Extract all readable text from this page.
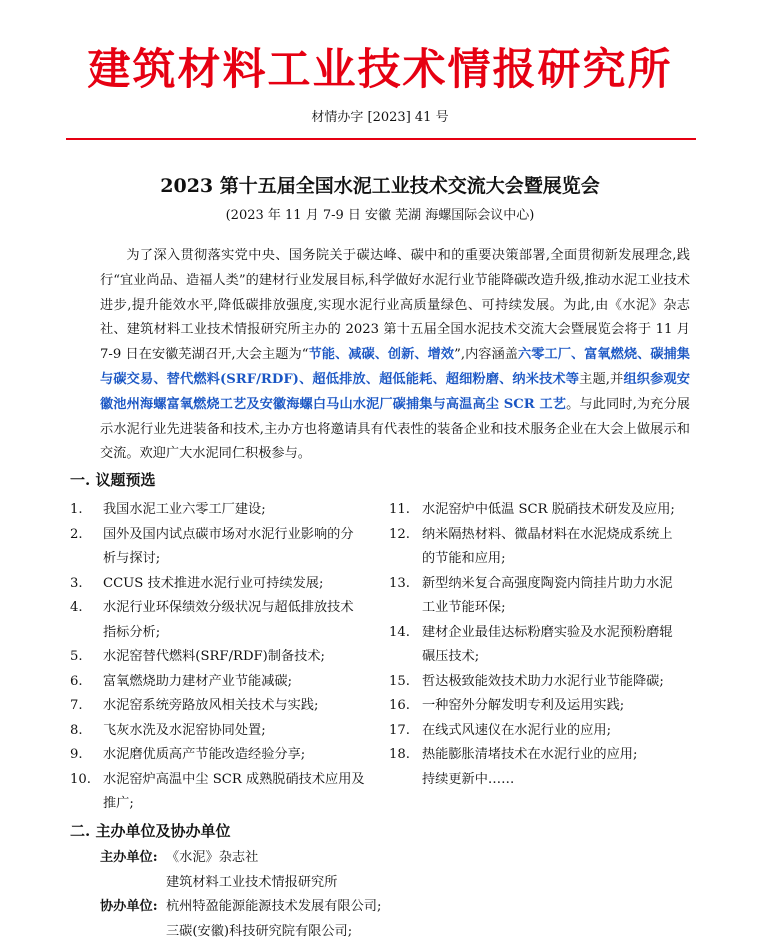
建筑材料工业技术情报研究所
材情办字 [2023] 41 号
2023 第十五届全国水泥工业技术交流大会暨展览会
(2023 年 11 月 7-9 日 安徽 芜湖 海螺国际会议中心)
为了深入贯彻落实党中央、国务院关于碳达峰、碳中和的重要决策部署,全面贯彻新发展理念,践行“宜业尚品、造福人类”的建材行业发展目标,科学做好水泥行业节能降碳改造升级,推动水泥工业技术进步,提升能效水平,降低碳排放强度,实现水泥行业高质量绿色、可持续发展。为此,由《水泥》杂志社、建筑材料工业技术情报研究所主办的 2023 第十五届全国水泥技术交流大会暨展览会将于 11 月 7-9 日在安徽芜湖召开,大会主题为“节能、减碳、创新、增效”,内容涵盖六零工厂、富氧燃烧、碳捕集与碳交易、替代燃料(SRF/RDF)、超低排放、超低能耗、超细粉磨、纳米技术等主题,并组织参观安徽池州海螺富氧燃烧工艺及安徽海螺白马山水泥厂碳捕集与高温高尘 SCR 工艺。与此同时,为充分展示水泥行业先进装备和技术,主办方也将邀请具有代表性的装备企业和技术服务企业在大会上做展示和交流。欢迎广大水泥同仁积极参与。
一. 议题预选
1. 我国水泥工业六零工厂建设;
2. 国外及国内试点碳市场对水泥行业影响的分
析与探讨;
3. CCUS 技术推进水泥行业可持续发展;
4. 水泥行业环保绩效分级状况与超低排放技术
指标分析;
5. 水泥窑替代燃料(SRF/RDF)制备技术;
6. 富氧燃烧助力建材产业节能减碳;
7. 水泥窑系统旁路放风相关技术与实践;
8. 飞灰水洗及水泥窑协同处置;
9. 水泥磨优质高产节能改造经验分享;
10. 水泥窑炉高温中尘 SCR 成熟脱硝技术应用及
推广;
11. 水泥窑炉中低温 SCR 脱硝技术研发及应用;
12. 纳米隔热材料、微晶材料在水泥烧成系统上
的节能和应用;
13. 新型纳米复合高强度陶瓷内筒挂片助力水泥
工业节能环保;
14. 建材企业最佳达标粉磨实验及水泥预粉磨辊
碾压技术;
15. 哲达极致能效技术助力水泥行业节能降碳;
16. 一种窑外分解发明专利及运用实践;
17. 在线式风速仪在水泥行业的应用;
18. 热能膨胀清堵技术在水泥行业的应用;
持续更新中……
二. 主办单位及协办单位
主办单位: 《水泥》杂志社
建筑材料工业技术情报研究所
协办单位: 杭州特盈能源能源技术发展有限公司;
三碳(安徽)科技研究院有限公司;
